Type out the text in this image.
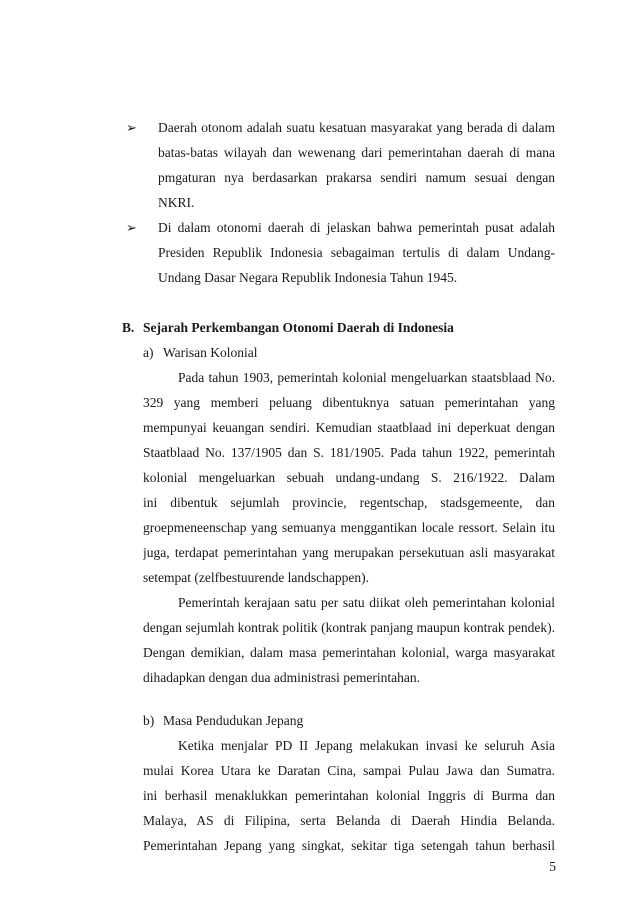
➢	Daerah otonom adalah suatu kesatuan masyarakat yang berada di dalam
batas-batas wilayah dan wewenang dari pemerintahan daerah di mana
pmgaturan nya berdasarkan prakarsa sendiri namum sesuai dengan
NKRI.
➢	Di dalam otonomi daerah di jelaskan bahwa pemerintah pusat adalah
Presiden Republik Indonesia sebagaiman tertulis di dalam Undang-
Undang Dasar Negara Republik Indonesia Tahun 1945.
B. Sejarah Perkembangan Otonomi Daerah di Indonesia
a) Warisan Kolonial
Pada tahun 1903, pemerintah kolonial mengeluarkan staatsblaad No.
329 yang memberi peluang dibentuknya satuan pemerintahan yang
mempunyai keuangan sendiri. Kemudian staatblaad ini deperkuat dengan
Staatblaad No. 137/1905 dan S. 181/1905. Pada tahun 1922, pemerintah
kolonial mengeluarkan sebuah undang-undang S. 216/1922. Dalam
ini dibentuk sejumlah provincie, regentschap, stadsgemeente, dan
groepmeneenschap yang semuanya menggantikan locale ressort. Selain itu
juga, terdapat pemerintahan yang merupakan persekutuan asli masyarakat
setempat (zelfbestuurende landschappen).
Pemerintah kerajaan satu per satu diikat oleh pemerintahan kolonial
dengan sejumlah kontrak politik (kontrak panjang maupun kontrak pendek).
Dengan demikian, dalam masa pemerintahan kolonial, warga masyarakat
dihadapkan dengan dua administrasi pemerintahan.
b) Masa Pendudukan Jepang
Ketika menjalar PD II Jepang melakukan invasi ke seluruh Asia
mulai Korea Utara ke Daratan Cina, sampai Pulau Jawa dan Sumatra.
ini berhasil menaklukkan pemerintahan kolonial Inggris di Burma dan
Malaya, AS di Filipina, serta Belanda di Daerah Hindia Belanda.
Pemerintahan Jepang yang singkat, sekitar tiga setengah tahun berhasil
5
